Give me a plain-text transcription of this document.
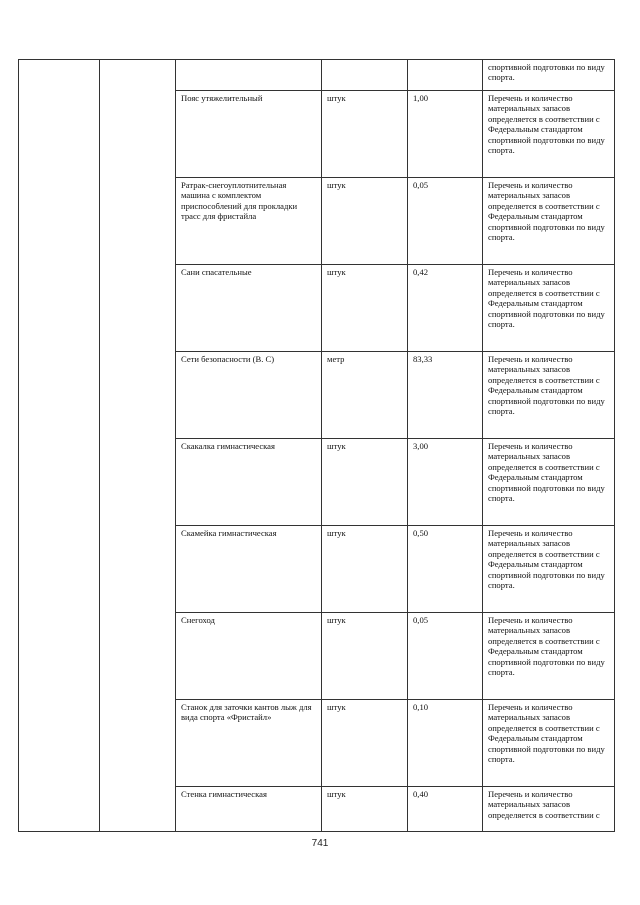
					спортивной подготовки по виду спорта.
		Пояс утяжелительный	штук	1,00	Перечень и количество материальных запасов определяется в соответствии с Федеральным стандартом спортивной подготовки по виду спорта.
		Ратрак-снегоуплотнительная машина с комплектом приспособлений для прокладки трасс для фристайла	штук	0,05	Перечень и количество материальных запасов определяется в соответствии с Федеральным стандартом спортивной подготовки по виду спорта.
		Сани спасательные	штук	0,42	Перечень и количество материальных запасов определяется в соответствии с Федеральным стандартом спортивной подготовки по виду спорта.
		Сети безопасности (В. С)	метр	83,33	Перечень и количество материальных запасов определяется в соответствии с Федеральным стандартом спортивной подготовки по виду спорта.
		Скакалка гимнастическая	штук	3,00	Перечень и количество материальных запасов определяется в соответствии с Федеральным стандартом спортивной подготовки по виду спорта.
		Скамейка гимнастическая	штук	0,50	Перечень и количество материальных запасов определяется в соответствии с Федеральным стандартом спортивной подготовки по виду спорта.
		Снегоход	штук	0,05	Перечень и количество материальных запасов определяется в соответствии с Федеральным стандартом спортивной подготовки по виду спорта.
		Станок для заточки кантов лыж для вида спорта «Фристайл»	штук	0,10	Перечень и количество материальных запасов определяется в соответствии с Федеральным стандартом спортивной подготовки по виду спорта.
		Стенка гимнастическая	штук	0,40	Перечень и количество материальных запасов определяется в соответствии с
741
